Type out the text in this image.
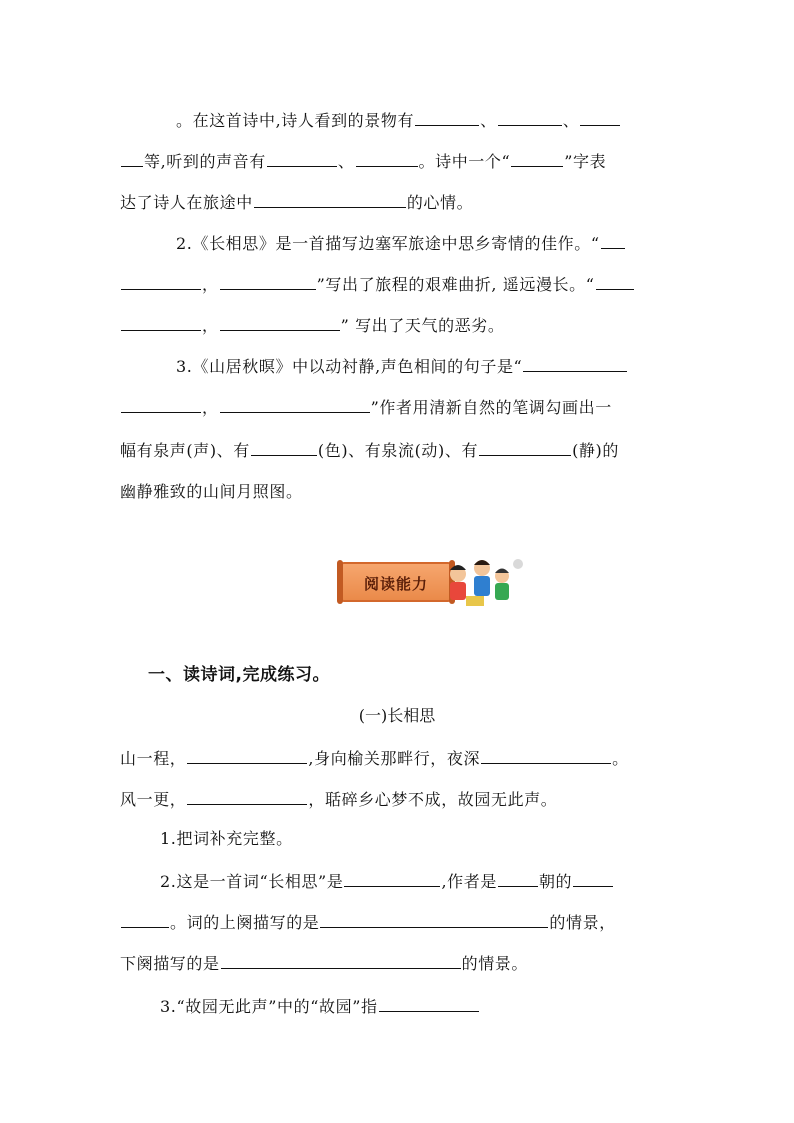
。在这首诗中,诗人看到的景物有	、	、
等,听到的声音有	、	。诗中一个“	”字表
达了诗人在旅途中	的心情。
2.《长相思》是一首描写边塞军旅途中思乡寄情的佳作。“
，	”写出了旅程的艰难曲折, 遥远漫长。“
，	” 写出了天气的恶劣。
3.《山居秋暝》中以动衬静,声色相间的句子是“
，	”作者用清新自然的笔调勾画出一
幅有泉声(声)、有	(色)、有泉流(动)、有	(静)的
幽静雅致的山间月照图。
阅读能力
一、读诗词,完成练习。
(一)长相思
山一程，	,身向榆关那畔行，夜深	。
风一更，	，聒碎乡心梦不成，故园无此声。
1.把词补充完整。
2.这是一首词“长相思”是	,作者是	朝的
。词的上阕描写的是	的情景，
下阕描写的是	的情景。
3.“故园无此声”中的“故园”指
